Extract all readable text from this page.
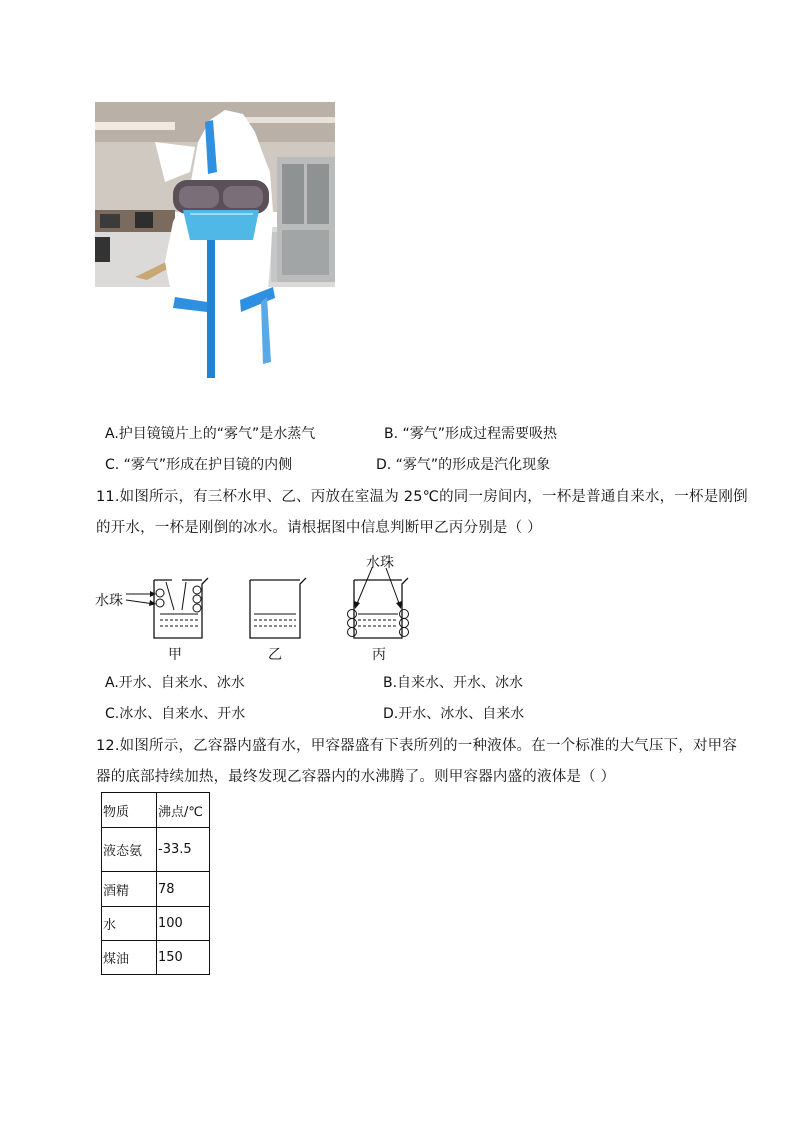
A.护目镜镜片上的“雾气”是水蒸气	B. “雾气”形成过程需要吸热
C. “雾气”形成在护目镜的内侧	D. “雾气”的形成是汽化现象
11.如图所示，有三杯水甲、乙、丙放在室温为 25℃的同一房间内，一杯是普通自来水，一杯是刚倒
的开水，一杯是刚倒的冰水。请根据图中信息判断甲乙丙分别是（ ）
水珠
水珠
甲	乙	丙
A.开水、自来水、冰水	B.自来水、开水、冰水
C.冰水、自来水、开水	D.开水、冰水、自来水
12.如图所示，乙容器内盛有水，甲容器盛有下表所列的一种液体。在一个标准的大气压下，对甲容
器的底部持续加热，最终发现乙容器内的水沸腾了。则甲容器内盛的液体是（ ）
物质	沸点/℃
液态氨	-33.5
酒精	78
水	100
煤油	150
